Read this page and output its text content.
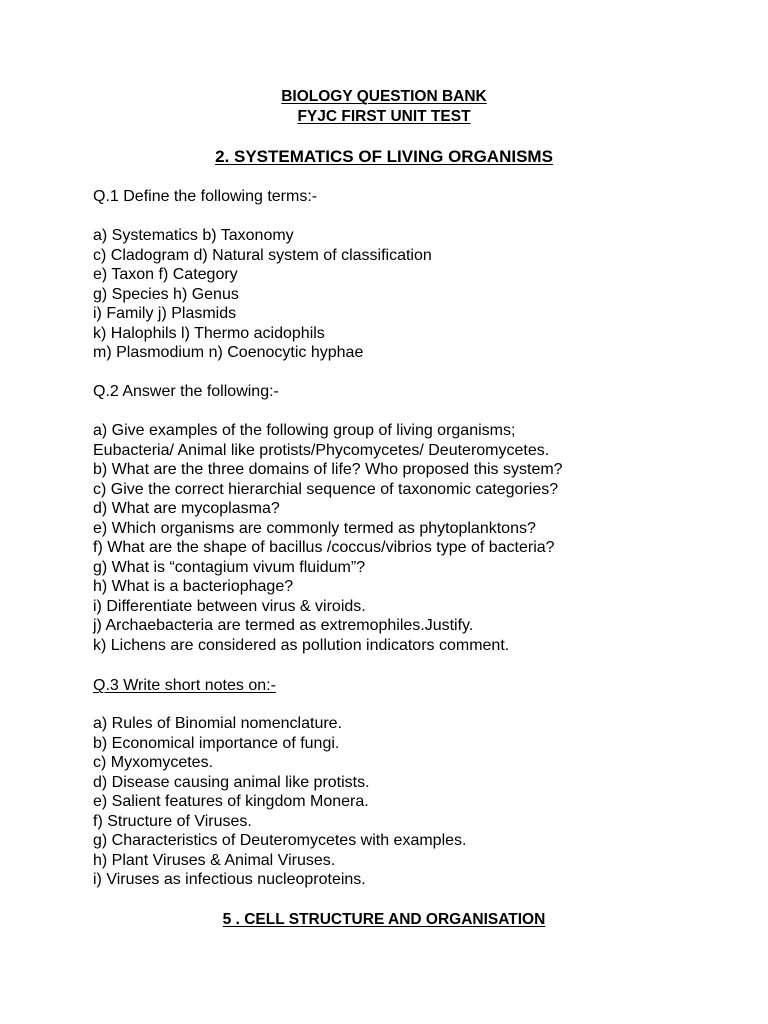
BIOLOGY QUESTION BANK
FYJC FIRST UNIT TEST
2. SYSTEMATICS OF LIVING ORGANISMS
Q.1 Define the following terms:-
a) Systematics b) Taxonomy
c) Cladogram d) Natural system of classification
e) Taxon f) Category
g) Species h) Genus
i) Family j) Plasmids
k) Halophils l) Thermo acidophils
m) Plasmodium n) Coenocytic hyphae
Q.2 Answer the following:-
a) Give examples of the following group of living organisms;
Eubacteria/ Animal like protists/Phycomycetes/ Deuteromycetes.
b) What are the three domains of life? Who proposed this system?
c) Give the correct hierarchial sequence of taxonomic categories?
d) What are mycoplasma?
e) Which organisms are commonly termed as phytoplanktons?
f) What are the shape of bacillus /coccus/vibrios type of bacteria?
g) What is “contagium vivum fluidum”?
h) What is a bacteriophage?
i) Differentiate between virus & viroids.
j) Archaebacteria are termed as extremophiles.Justify.
k) Lichens are considered as pollution indicators comment.
Q.3 Write short notes on:-
a) Rules of Binomial nomenclature.
b) Economical importance of fungi.
c) Myxomycetes.
d) Disease causing animal like protists.
e) Salient features of kingdom Monera.
f) Structure of Viruses.
g) Characteristics of Deuteromycetes with examples.
h) Plant Viruses & Animal Viruses.
i) Viruses as infectious nucleoproteins.
5 . CELL STRUCTURE AND ORGANISATION
